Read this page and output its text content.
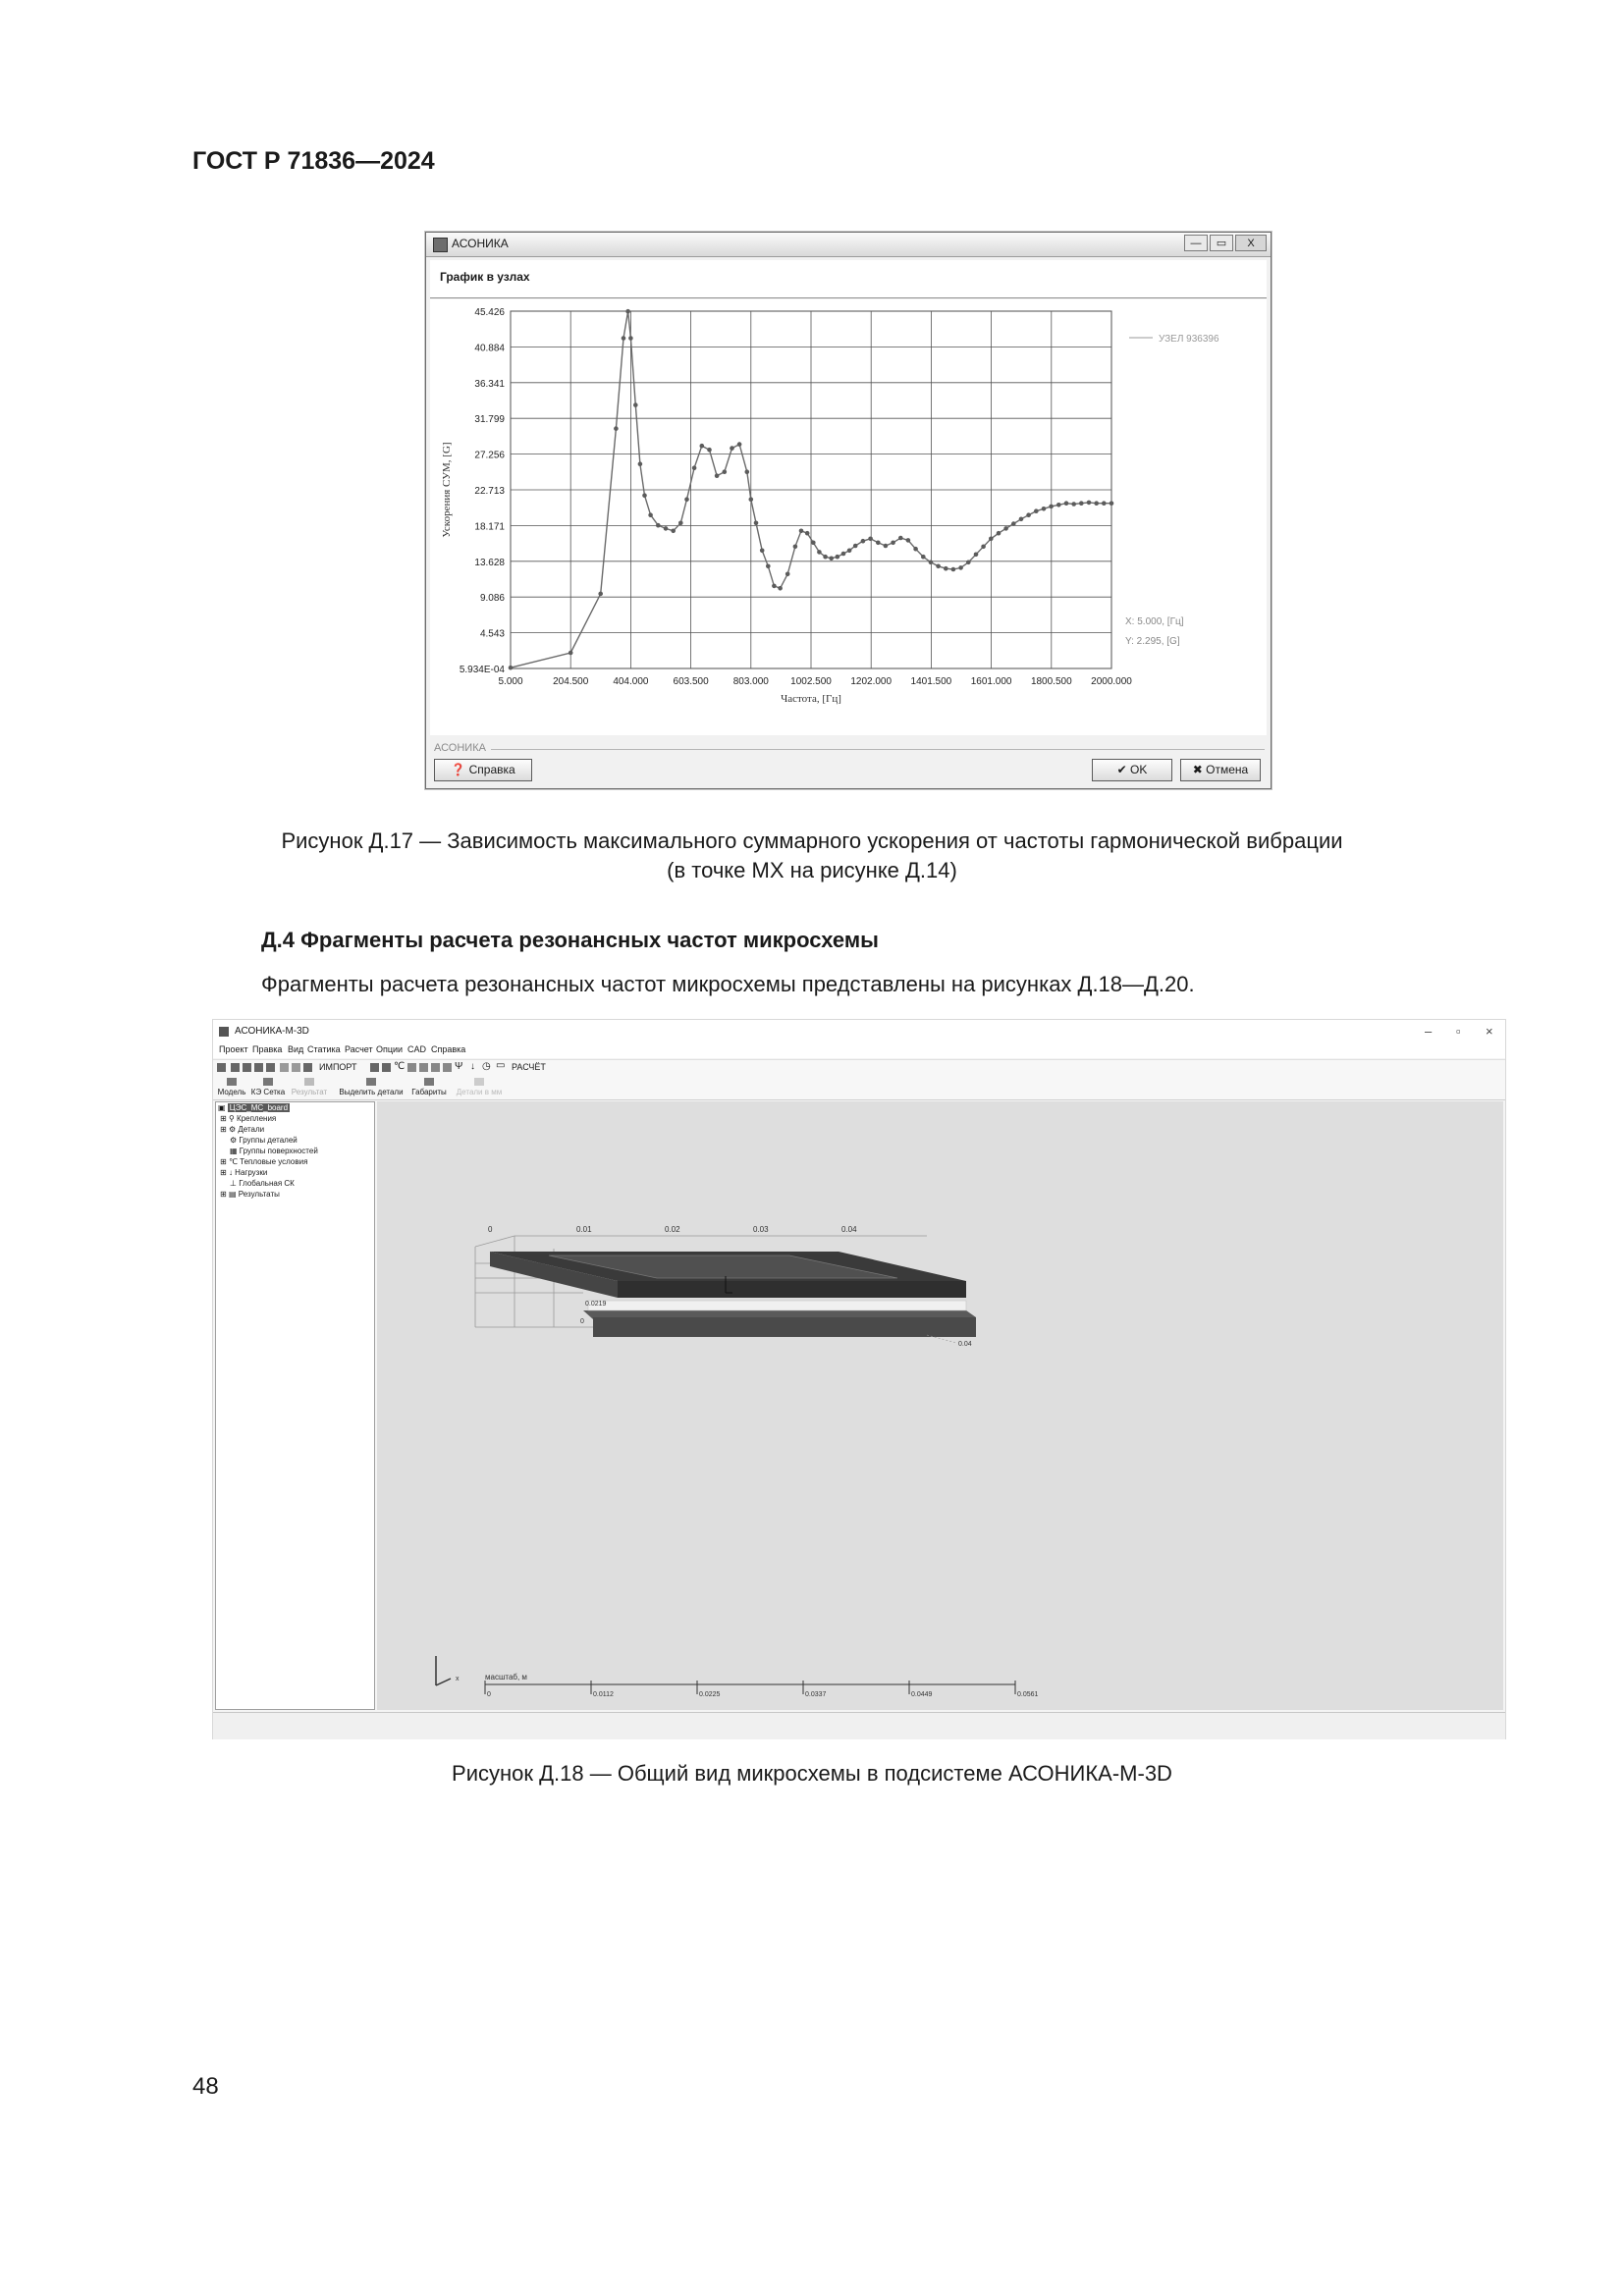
ГОСТ Р 71836—2024
АСОНИКА	—	▭	X
График в узлах
5.934E-04
4.543
9.086
13.628
18.171
22.713
27.256
31.799
36.341
40.884
45.426
5.000	204.500	404.000	603.500	803.000 1002.500 1202.000 1401.500 1601.000 1800.500 2000.000
Ускорения СУМ, [G]
Частота, [Гц]
УЗЕЛ 936396
X: 5.000, [Гц]
Y: 2.295, [G]
АСОНИКА
❓ Справка	✔ OK	✖ Отмена
Рисунок Д.17 — Зависимость максимального суммарного ускорения от частоты гармонической вибрации
(в точке МХ на рисунке Д.14)
Д.4 Фрагменты расчета резонансных частот микросхемы
Фрагменты расчета резонансных частот микросхемы представлены на рисунках Д.18—Д.20.
АСОНИКА-М-3D	– ▫ ×
Проект Правка Вид Статика Расчет Опции CAD Справка
ИМПОРТ	℃	Ψ ↓ ◷ ▭ РАСЧЁТ
Модель КЭ Сетка Результат Выделить детали Габариты Детали в мм
▣ ЦЭС_МС_board
⊞ ⚲ Крепления
⊞ ⚙ Детали
⚙ Группы деталей
▦ Группы поверхностей
⊞ ℃ Тепловые условия
⊞ ↓ Нагрузки
⊥ Глобальная СК
⊞ ▤ Результаты
0	0.01	0.02	0.03	0.04
0
0.0219
0.04
x	масштаб, м
0	0.0112	0.0225	0.0337	0.0449	0.0561
Рисунок Д.18 — Общий вид микросхемы в подсистеме АСОНИКА-М-3D
48
